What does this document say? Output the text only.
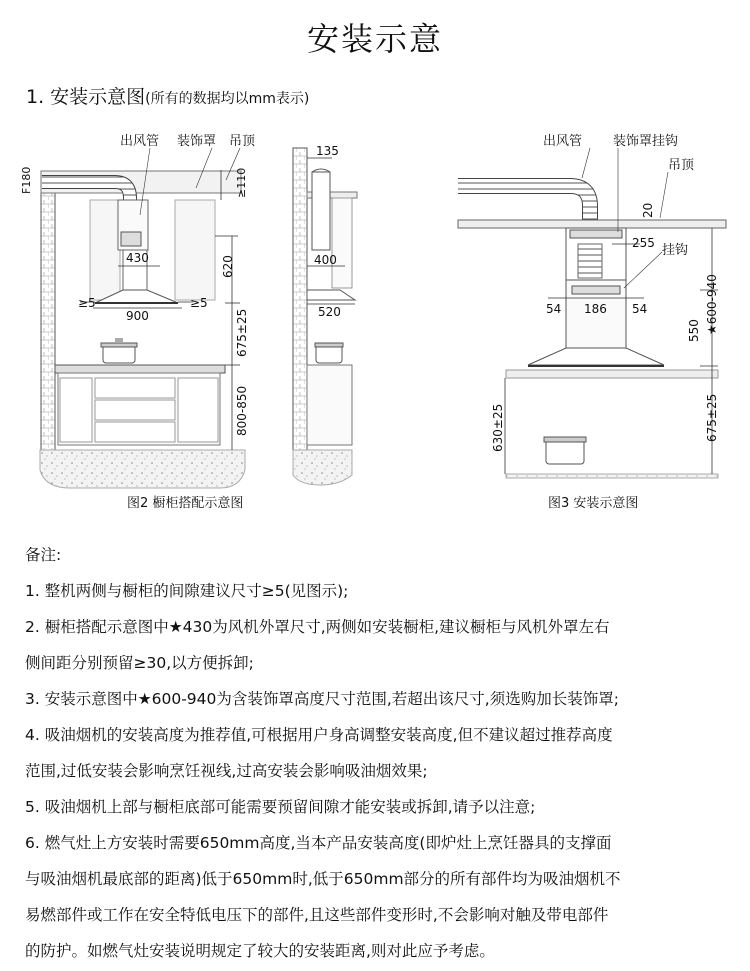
安装示意
1. 安装示意图(所有的数据均以mm表示)
出风管 装饰罩 吊顶
F180	≥110
430	620
≥5	≥5
900	675±25
800-850
135
400
520
出风管 装饰罩挂钩
吊顶
20
255 挂钩
54 186 54
550 ★600-940
630±25	675±25
图2 橱柜搭配示意图	图3 安装示意图
备注:
1. 整机两侧与橱柜的间隙建议尺寸≥5(见图示);
2. 橱柜搭配示意图中★430为风机外罩尺寸,两侧如安装橱柜,建议橱柜与风机外罩左右
侧间距分别预留≥30,以方便拆卸;
3. 安装示意图中★600-940为含装饰罩高度尺寸范围,若超出该尺寸,须选购加长装饰罩;
4. 吸油烟机的安装高度为推荐值,可根据用户身高调整安装高度,但不建议超过推荐高度
范围,过低安装会影响烹饪视线,过高安装会影响吸油烟效果;
5. 吸油烟机上部与橱柜底部可能需要预留间隙才能安装或拆卸,请予以注意;
6. 燃气灶上方安装时需要650mm高度,当本产品安装高度(即炉灶上烹饪器具的支撑面
与吸油烟机最底部的距离)低于650mm时,低于650mm部分的所有部件均为吸油烟机不
易燃部件或工作在安全特低电压下的部件,且这些部件变形时,不会影响对触及带电部件
的防护。如燃气灶安装说明规定了较大的安装距离,则对此应予考虑。
